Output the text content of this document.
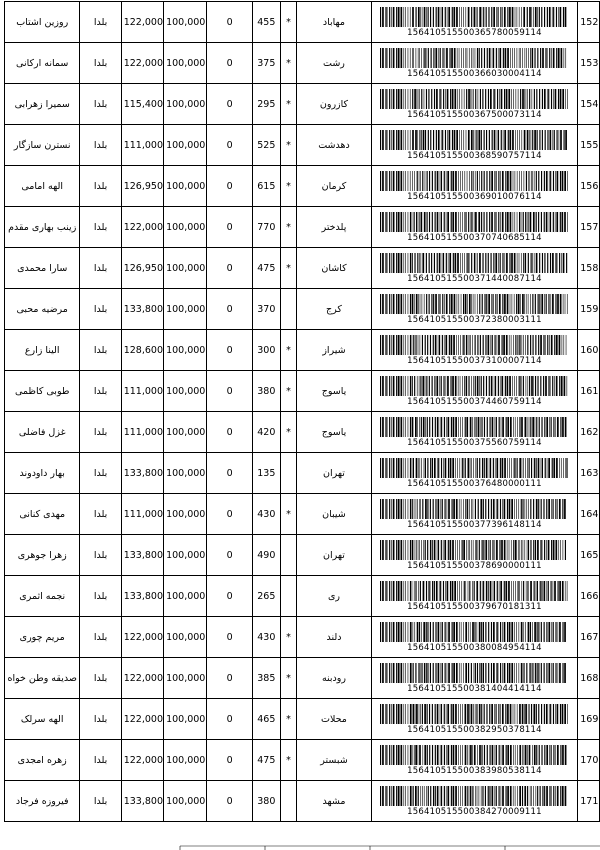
روزین اشتاب	بلدا	122,000	100,000	0	455	*	مهاباد	156410515500365780059114	152
سمانه ارکانی	بلدا	122,000	100,000	0	375	*	رشت	156410515500366030004114	153
سمیرا زهرابی	بلدا	115,400	100,000	0	295	*	کازرون	156410515500367500073114	154
نسترن سازگار	بلدا	111,000	100,000	0	525	*	دهدشت	156410515500368590757114	155
الهه امامی	بلدا	126,950	100,000	0	615	*	کرمان	156410515500369010076114	156
زینب بهاری مقدم	بلدا	122,000	100,000	0	770	*	پلدختر	156410515500370740685114	157
سارا محمدی	بلدا	126,950	100,000	0	475	*	کاشان	156410515500371440087114	158
مرضیه محبی	بلدا	133,800	100,000	0	370		کرج	156410515500372380003111	159
الینا زارع	بلدا	128,600	100,000	0	300	*	شیراز	156410515500373100007114	160
طوبی کاظمی	بلدا	111,000	100,000	0	380	*	یاسوج	156410515500374460759114	161
غزل فاضلی	بلدا	111,000	100,000	0	420	*	یاسوج	156410515500375560759114	162
بهار داودوند	بلدا	133,800	100,000	0	135		تهران	156410515500376480000111	163
مهدی کنانی	بلدا	111,000	100,000	0	430	*	شیبان	156410515500377396148114	164
زهرا جوهری	بلدا	133,800	100,000	0	490		تهران	156410515500378690000111	165
نجمه اثمری	بلدا	133,800	100,000	0	265		ری	156410515500379670181311	166
مریم چوری	بلدا	122,000	100,000	0	430	*	دلند	156410515500380084954114	167
صدیقه وطن خواه	بلدا	122,000	100,000	0	385	*	رودبنه	156410515500381404414114	168
الهه سرلک	بلدا	122,000	100,000	0	465	*	محلات	156410515500382950378114	169
زهره امجدی	بلدا	122,000	100,000	0	475	*	شبستر	156410515500383980538114	170
فیروزه فرجاد	بلدا	133,800	100,000	0	380		مشهد	156410515500384270009111	171
